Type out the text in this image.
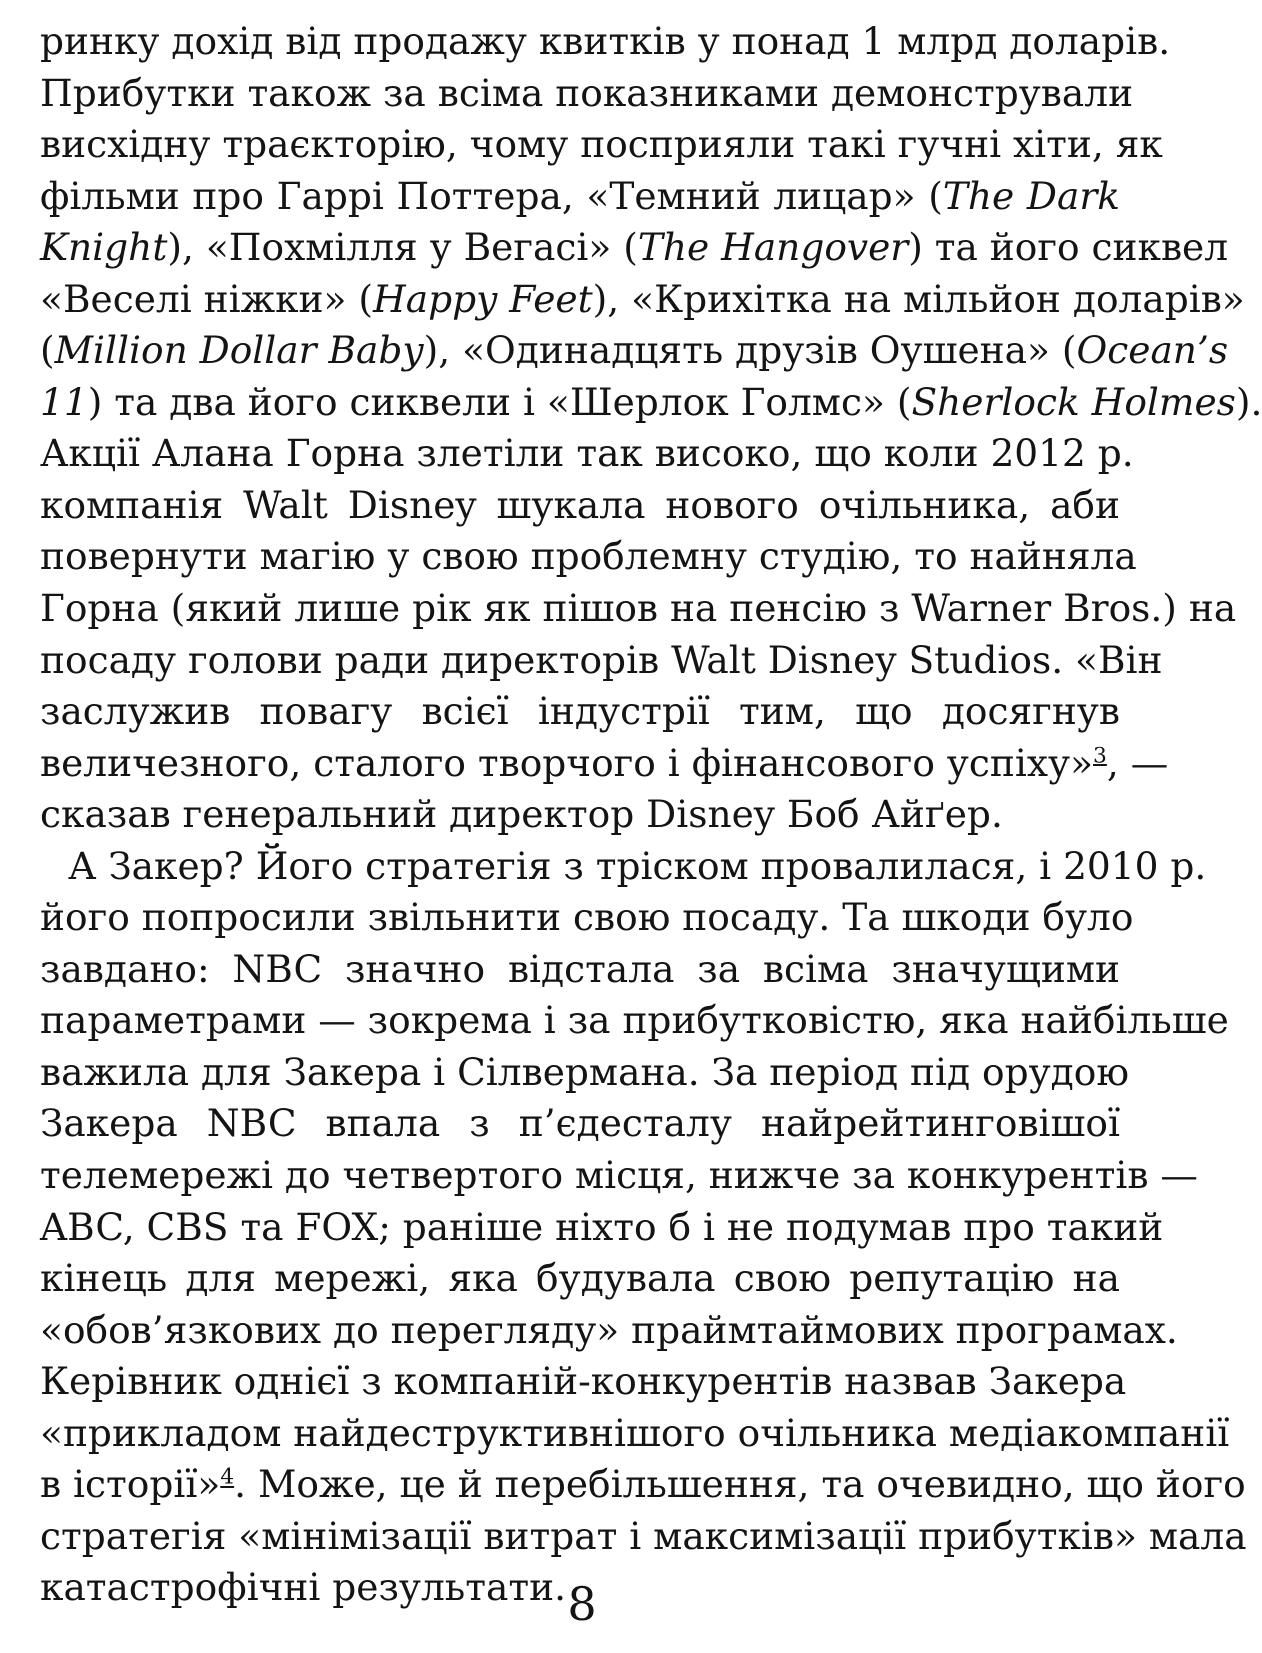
ринку дохід від продажу квитків у понад 1 млрд доларів.
Прибутки також за всіма показниками демонстрували
висхідну траєкторію, чому посприяли такі гучні хіти, як
фільми про Гаррі Поттера, «Темний лицар» (The Dark
Knight), «Похмілля у Вегасі» (The Hangover) та його сиквел
«Веселі ніжки» (Happy Feet), «Крихітка на мільйон доларів»
(Million Dollar Baby), «Одинадцять друзів Оушена» (Ocean’s
11) та два його сиквели і «Шерлок Голмс» (Sherlock Holmes).
Акції Алана Горна злетіли так високо, що коли 2012 р.
компанія Walt Disney шукала нового очільника, аби
повернути магію у свою проблемну студію, то найняла
Горна (який лише рік як пішов на пенсію з Warner Bros.) на
посаду голови ради директорів Walt Disney Studios. «Він
заслужив повагу всієї індустрії тим, що досягнув
величезного, сталого творчого і фінансового успіху»$^3$, —
сказав генеральний директор Disney Боб Айґер.
А Закер? Його стратегія з тріском провалилася, і 2010 р.
його попросили звільнити свою посаду. Та шкоди було
завдано: NBC значно відстала за всіма значущими
параметрами — зокрема і за прибутковістю, яка найбільше
важила для Закера і Сілвермана. За період під орудою
Закера NBC впала з п’єдесталу найрейтинговішої
телемережі до четвертого місця, нижче за конкурентів —
ABC, CBS та FOX; раніше ніхто б і не подумав про такий
кінець для мережі, яка будувала свою репутацію на
«обов’язкових до перегляду» праймтаймових програмах.
Керівник однієї з компаній-конкурентів назвав Закера
«прикладом найдеструктивнішого очільника медіакомпанії
в історії»$^4$. Може, це й перебільшення, та очевидно, що його
стратегія «мінімізації витрат і максимізації прибутків» мала
катастрофічні результати. 8
